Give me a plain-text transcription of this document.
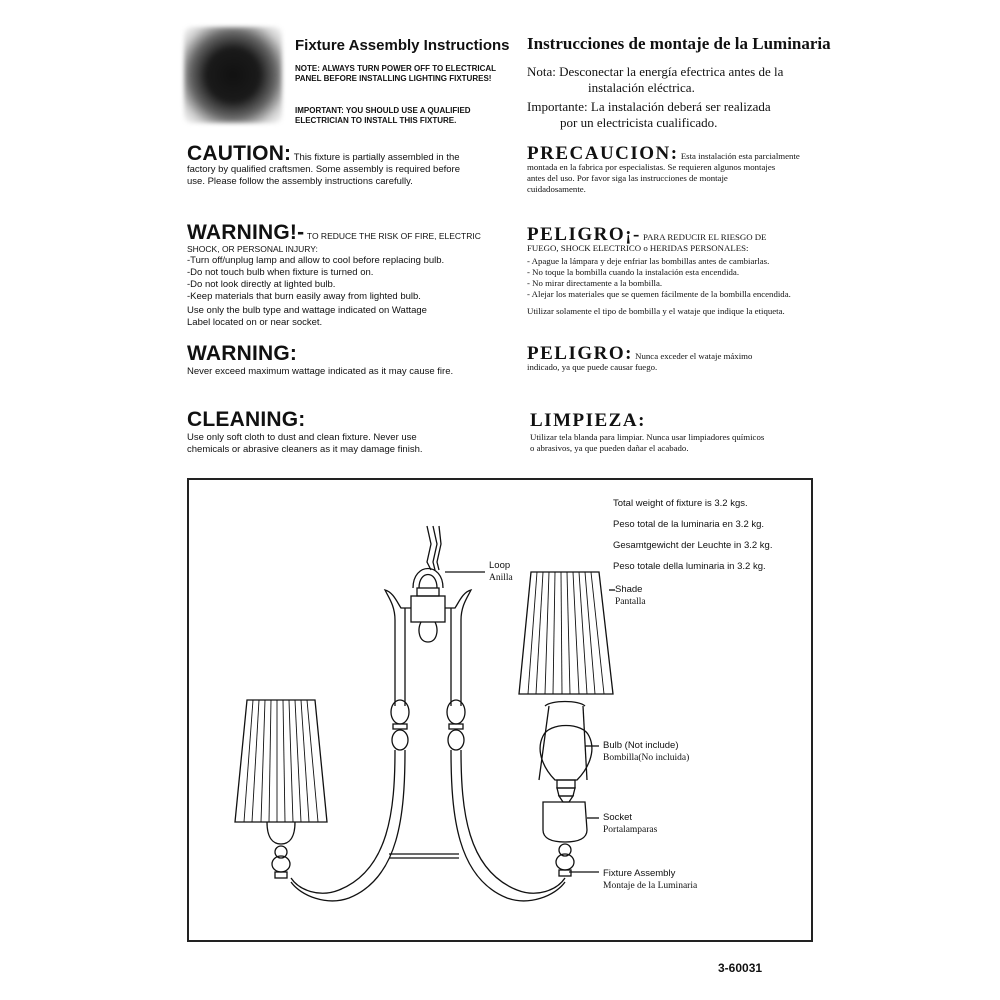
Fixture Assembly Instructions
NOTE: ALWAYS TURN POWER OFF TO ELECTRICAL PANEL BEFORE INSTALLING LIGHTING FIXTURES!
IMPORTANT: YOU SHOULD USE A QUALIFIED ELECTRICIAN TO INSTALL THIS FIXTURE.
Instrucciones de montaje de la Luminaria
Nota: Desconectar la energía efectrica antes de la
instalación eléctrica.
Importante: La instalación deberá ser realizada
por un electricista cualificado.
CAUTION: This fixture is partially assembled in the
factory by qualified craftsmen. Some assembly is required before
use. Please follow the assembly instructions carefully.
PRECAUCION: Esta instalación esta parcialmente
montada en la fabrica por especialistas. Se requieren algunos montajes
antes del uso. Por favor siga las instrucciones de montaje
cuidadosamente.
WARNING!- TO REDUCE THE RISK OF FIRE, ELECTRIC
SHOCK, OR PERSONAL INJURY:
-Turn off/unplug lamp and allow to cool before replacing bulb.
-Do not touch bulb when fixture is turned on.
-Do not look directly at lighted bulb.
-Keep materials that burn easily away from lighted bulb.
Use only the bulb type and wattage indicated on Wattage
Label located on or near socket.
PELIGRO¡- PARA REDUCIR EL RIESGO DE
FUEGO, SHOCK ELECTRICO o HERIDAS PERSONALES:
- Apague la lámpara y deje enfriar las bombillas antes de cambiarlas.
- No toque la bombilla cuando la instalación esta encendida.
- No mirar directamente a la bombilla.
- Alejar los materiales que se quemen fácilmente de la bombilla encendida.
Utilizar solamente el tipo de bombilla y el wataje que indique la etiqueta.
WARNING:
Never exceed maximum wattage indicated as it may cause fire.
PELIGRO: Nunca exceder el wataje máximo
indicado, ya que puede causar fuego.
CLEANING:
Use only soft cloth to dust and clean fixture. Never use
chemicals or abrasive cleaners as it may damage finish.
LIMPIEZA:
Utilizar tela blanda para limpiar. Nunca usar limpiadores químicos
o abrasivos, ya que pueden dañar el acabado.
Total weight of fixture is 3.2 kgs.
Peso total de la luminaria en 3.2 kg.
Gesamtgewicht der Leuchte in 3.2 kg.
Peso totale della luminaria in 3.2 kg.
Loop
Anilla
Shade
Pantalla
Bulb (Not include)
Bombilla(No incluida)
Socket
Portalamparas
Fixture Assembly
Montaje de la Luminaria
3-60031
